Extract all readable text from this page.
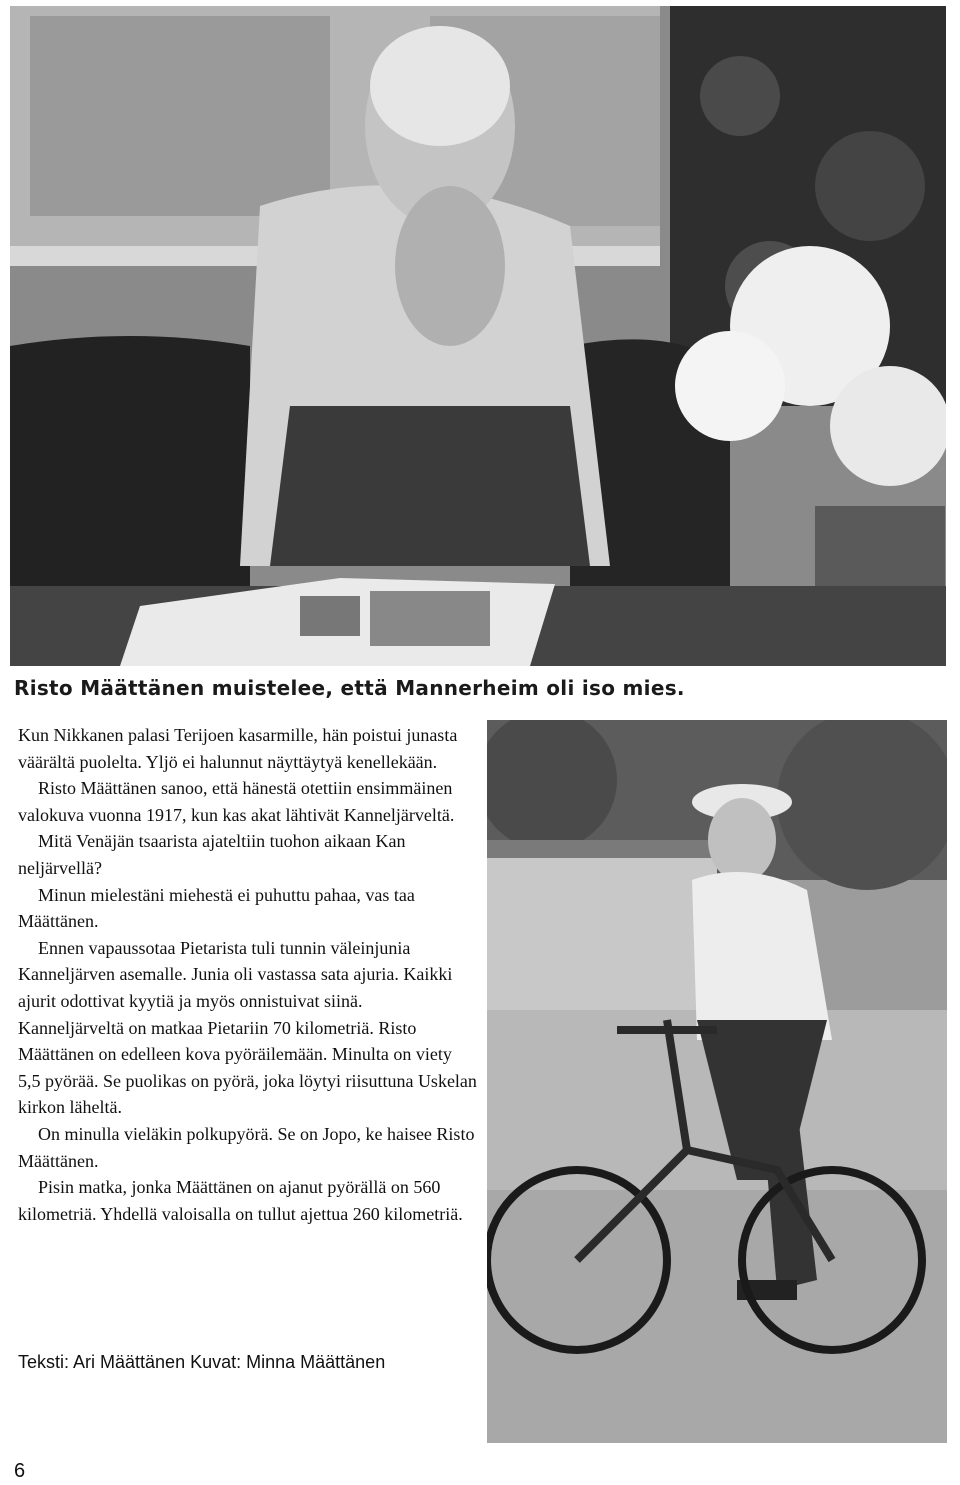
Risto Määttänen muistelee, että Mannerheim oli iso mies.

Kun Nikkanen palasi Terijoen kasarmille, hän poistui junasta väärältä puolelta. Yljö ei halunnut näyttäytyä kenellekään.

Risto Määttänen sanoo, että hänestä otettiin ensimmäinen valokuva vuonna 1917, kun kas akat lähtivät Kanneljärveltä.

Mitä Venäjän tsaarista ajateltiin tuohon aikaan Kan neljärvellä?

Minun mielestäni miehestä ei puhuttu pahaa, vas taa Määttänen.

Ennen vapaussotaa Pietarista tuli tunnin väleinjunia Kanneljärven asemalle. Junia oli vastassa sata ajuria. Kaikki ajurit odottivat kyytiä ja myös onnistuivat siinä.

Kanneljärveltä on matkaa Pietariin 70 kilometriä. Risto Määttänen on edelleen kova pyöräilemään. Minulta on viety 5,5 pyörää. Se puolikas on pyörä, joka löytyi riisuttuna Uskelan kirkon läheltä.

On minulla vieläkin polkupyörä. Se on Jopo, ke haisee Risto Määttänen.

Pisin matka, jonka Määttänen on ajanut pyörällä on 560 kilometriä. Yhdellä valoisalla on tullut ajettua 260 kilometriä.

Teksti: Ari Määttänen Kuvat: Minna Määttänen
6
